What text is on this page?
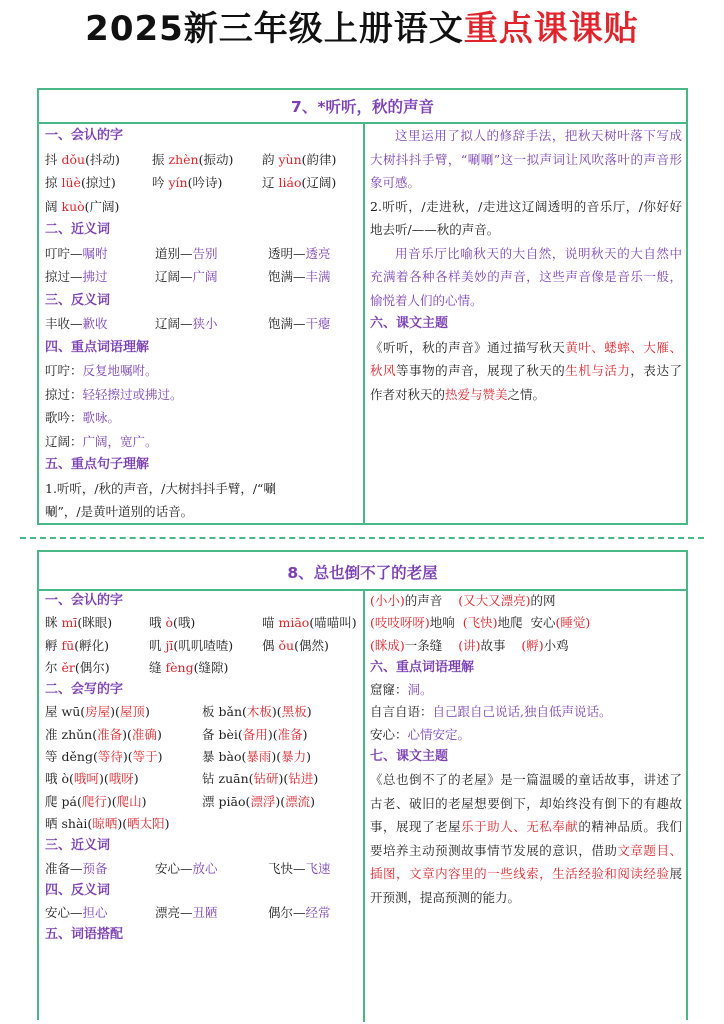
2025新三年级上册语文重点课课贴
7、*听听，秋的声音
一、会认的字
抖 dǒu(抖动)	振 zhèn(振动) 韵 yùn(韵律)
掠 lüè(掠过)	吟 yín(吟诗)	辽 liáo(辽阔)
阔 kuò(广阔)
二、近义词
叮咛—嘱咐	道别—告别	透明—透亮
掠过—拂过	辽阔—广阔	饱满—丰满
三、反义词
丰收—歉收	辽阔—狭小	饱满—干瘪
四、重点词语理解
叮咛：反复地嘱咐。
掠过：轻轻擦过或拂过。
歌吟：歌咏。
辽阔：广阔，宽广。
五、重点句子理解
1.听听，/秋的声音，/大树抖抖手臂，/“唰
唰”，/是黄叶道别的话音。
这里运用了拟人的修辞手法，把秋天树叶落下写成大树抖抖手臂，“唰唰”这一拟声词让风吹落叶的声音形象可感。
2.听听，/走进秋，/走进这辽阔透明的音乐厅，/你好好地去听/——秋的声音。
用音乐厅比喻秋天的大自然，说明秋天的大自然中充满着各种各样美妙的声音，这些声音像是音乐一般，愉悦着人们的心情。
六、课文主题
《听听，秋的声音》通过描写秋天黄叶、蟋蟀、大雁、秋风等事物的声音，展现了秋天的生机与活力，表达了作者对秋天的热爱与赞美之情。
8、总也倒不了的老屋
一、会认的字
眯 mī(眯眼)	哦 ò(哦)	喵 miāo(喵喵叫)
孵 fū(孵化)	叽 jī(叽叽喳喳) 偶 ǒu(偶然)
尔 ěr(偶尔)	缝 fèng(缝隙)
二、会写的字
屋 wū(房屋)(屋顶)	板 bǎn(木板)(黑板)
准 zhǔn(准备)(准确)	备 bèi(备用)(准备)
等 děng(等待)(等于)	暴 bào(暴雨)(暴力)
哦 ò(哦呵)(哦呀)	钻 zuān(钻研)(钻进)
爬 pá(爬行)(爬山)	漂 piāo(漂浮)(漂流)
晒 shài(晾晒)(晒太阳)
三、近义词
准备—预备	安心—放心	飞快—飞速
四、反义词
安心—担心	漂亮—丑陋	偶尔—经常
五、词语搭配
(小小)的声音 (又大又漂亮)的网
(吱吱呀呀)地响 (飞快)地爬 安心(睡觉)
(眯成)一条缝 (讲)故事 (孵)小鸡
六、重点词语理解
窟窿：洞。
自言自语：自己跟自己说话,独自低声说话。
安心：心情安定。
七、课文主题
《总也倒不了的老屋》是一篇温暖的童话故事，讲述了古老、破旧的老屋想要倒下，却始终没有倒下的有趣故事，展现了老屋乐于助人、无私奉献的精神品质。我们要培养主动预测故事情节发展的意识，借助文章题目、插图，文章内容里的一些线索，生活经验和阅读经验展开预测，提高预测的能力。
